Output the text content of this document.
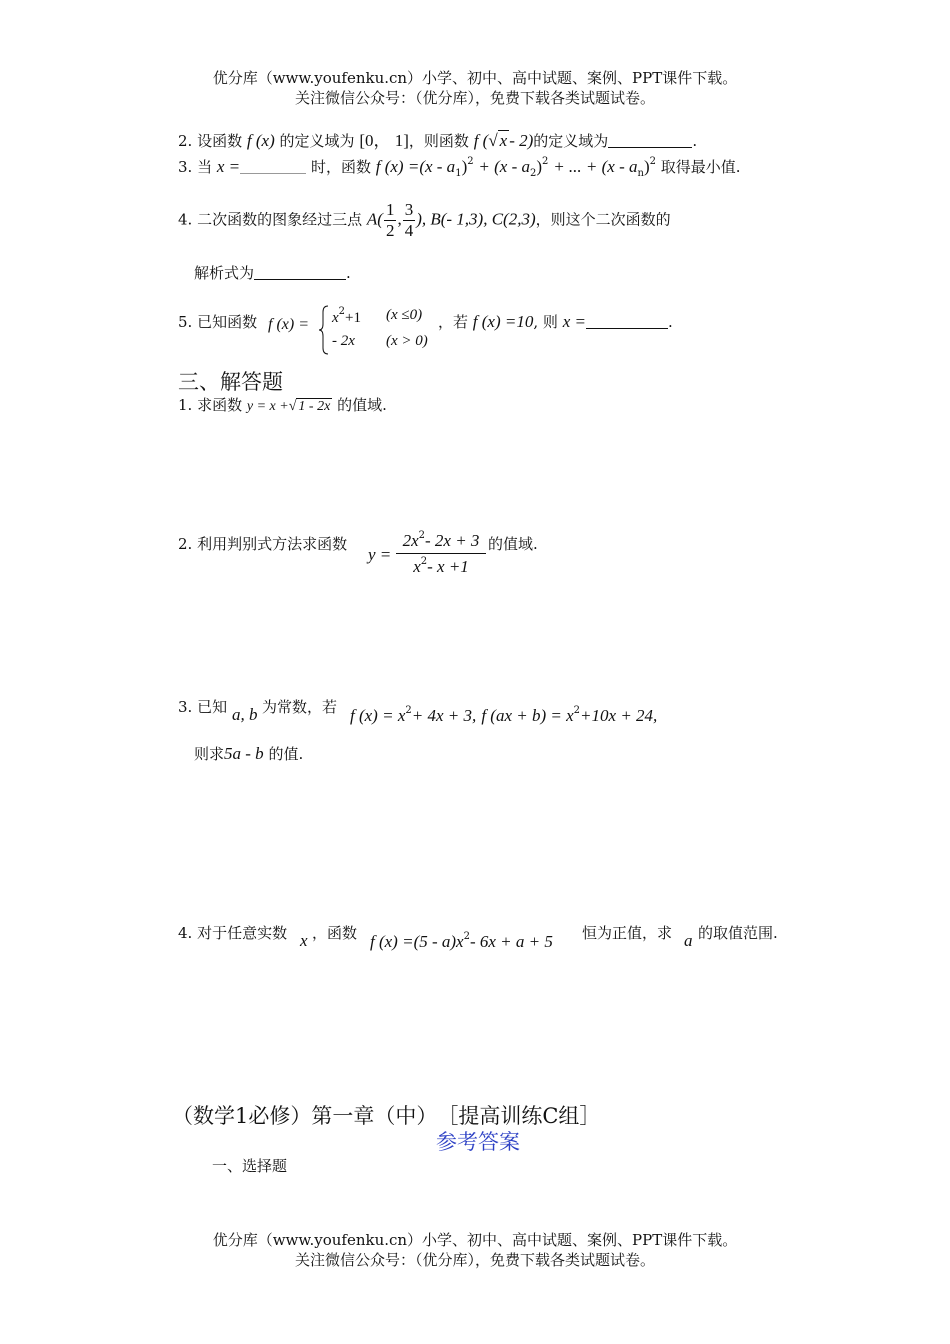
优分库（www.youfenku.cn）小学、初中、高中试题、案例、PPT课件下载。
关注微信公众号：（优分库），免费下载各类试题试卷。
2. 设函数 f (x) 的定义域为 [0， 1]，则函数 f (√ x - 2)的定义域为	.
3. 当 x =	时，函数 f $(x) =(x - a_1)^2 + (x - a_2)^2$ + ... + $(x - a_n)^2$ 取得最小值.
4. 二次函数的图象经过三点 $A( \frac{1}{2}$ , $\frac{3}{4}$ ), B(- 1,3), C(2,3)，则这个二次函数的
解析式为	.
5. 已知函数 f $(x) = x^2+1$ (x ≤0)
- 2x (x > 0)
，若 f (x) =10, 则 x =	.
三、解答题
1. 求函数 y = x +√ 1 - 2x 的值域.
2. 利用判别式方法求函数
y =
$2x^2-$ 2x + 3
$x^2-$ x +1
的值域.
3. 已知 a, b 为常数，若 f $(x) = x^2+ 4x + 3$, f $(ax + b) = x^2+10x + 24$,
则求5a - b 的值.
4. 对于任意实数 x ，函数 f $(x) =(5 - a)x^2-$ 6x + a + 5 恒为正值，求 a 的取值范围.
（数学1必修）第一章（中）　［提高训练C组］
参考答案
一、选择题
优分库（www.youfenku.cn）小学、初中、高中试题、案例、PPT课件下载。
关注微信公众号：（优分库），免费下载各类试题试卷。
